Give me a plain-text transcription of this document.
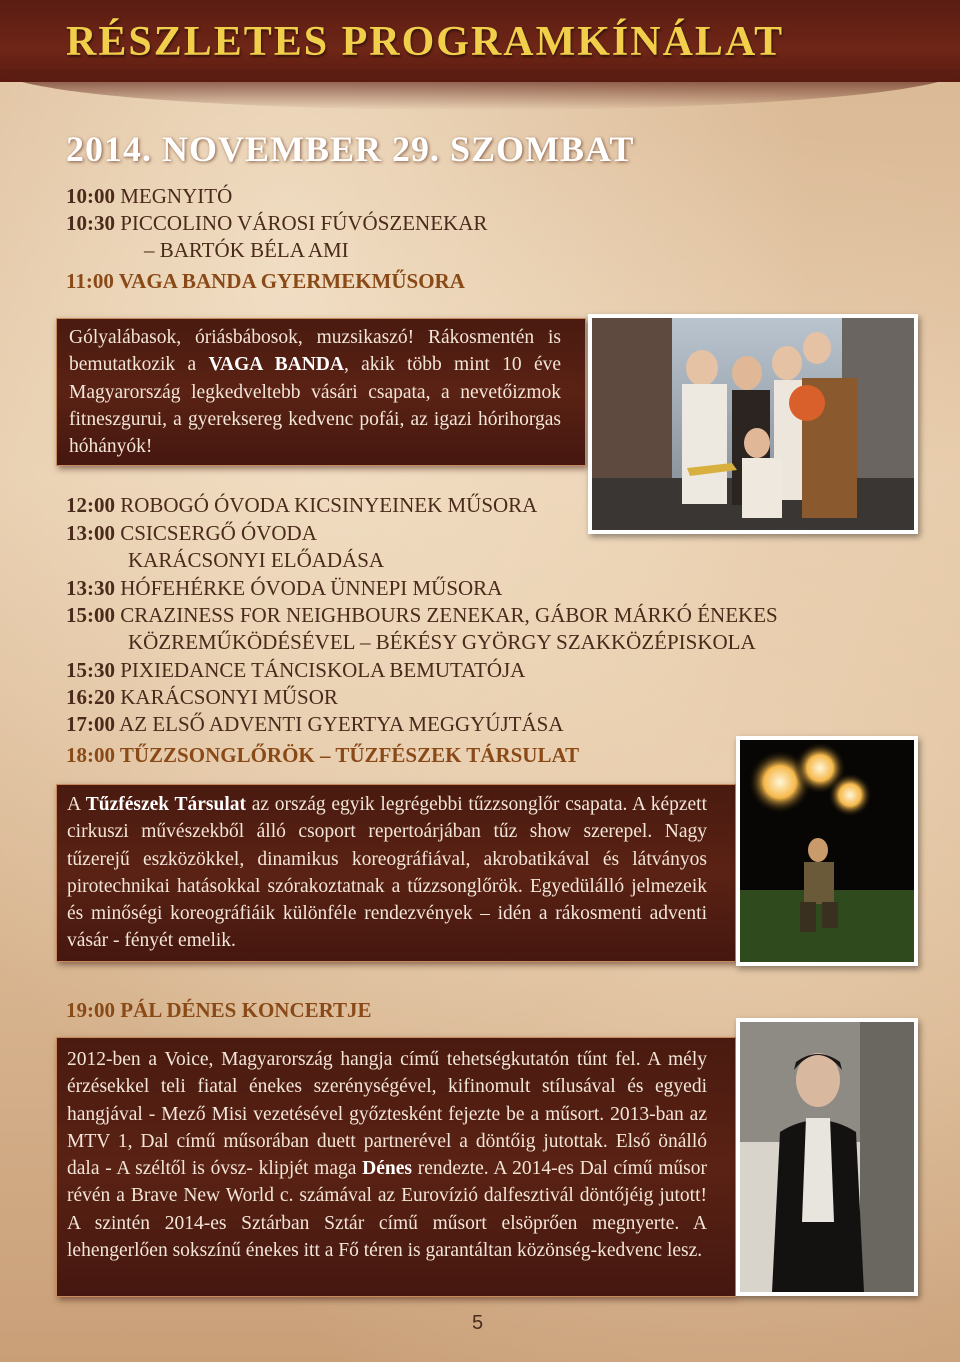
RÉSZLETES PROGRAMKÍNÁLAT
2014. NOVEMBER 29. SZOMBAT
10:00 MEGNYITÓ
10:30 PICCOLINO VÁROSI FÚVÓSZENEKAR
– BARTÓK BÉLA AMI
11:00 VAGA BANDA GYERMEKMŰSORA
Gólyalábasok, óriásbábosok, muzsikaszó! Rákosmentén is bemutatkozik a VAGA BANDA, akik több mint 10 éve Magyarország legkedveltebb vásári csapata, a nevetőizmok fitneszgurui, a gyereksereg kedvenc pofái, az igazi hórihorgas hóhányók!
12:00 ROBOGÓ ÓVODA KICSINYEINEK MŰSORA
13:00 CSICSERGŐ ÓVODA
KARÁCSONYI ELŐADÁSA
13:30 HÓFEHÉRKE ÓVODA ÜNNEPI MŰSORA
15:00 CRAZINESS FOR NEIGHBOURS ZENEKAR, GÁBOR MÁRKÓ ÉNEKES
KÖZREMŰKÖDÉSÉVEL – BÉKÉSY GYÖRGY SZAKKÖZÉPISKOLA
15:30 PIXIEDANCE TÁNCISKOLA BEMUTATÓJA
16:20 KARÁCSONYI MŰSOR
17:00 AZ ELSŐ ADVENTI GYERTYA MEGGYÚJTÁSA
18:00 TŰZZSONGLŐRÖK – TŰZFÉSZEK TÁRSULAT
A Tűzfészek Társulat az ország egyik legrégebbi tűzzsonglőr csapata. A képzett cirkuszi művészekből álló csoport repertoárjában tűz show szerepel. Nagy tűzerejű eszközökkel, dinamikus koreográfiával, akrobatikával és látványos pirotechnikai hatásokkal szórakoztatnak a tűzzsonglőrök. Egyedülálló jelmezeik és minőségi koreográfiáik különféle rendezvények – idén a rákosmenti adventi vásár - fényét emelik.
19:00 PÁL DÉNES KONCERTJE
2012-ben a Voice, Magyarország hangja című tehetségkutatón tűnt fel. A mély érzésekkel teli fiatal énekes szerénységével, kifinomult stílusával és egyedi hangjával - Mező Misi vezetésével győztesként fejezte be a műsort. 2013-ban az MTV 1, Dal című műsorában duett partnerével a döntőig jutottak. Első önálló dala - A széltől is óvsz- klipjét maga Dénes rendezte. A 2014-es Dal című műsor révén a Brave New World c. számával az Eurovízió dalfesztivál döntőjéig jutott! A szintén 2014-es Sztárban Sztár című műsort elsöprően megnyerte. A lehengerlően sokszínű énekes itt a Fő téren is garantáltan közönség-kedvenc lesz.
5
